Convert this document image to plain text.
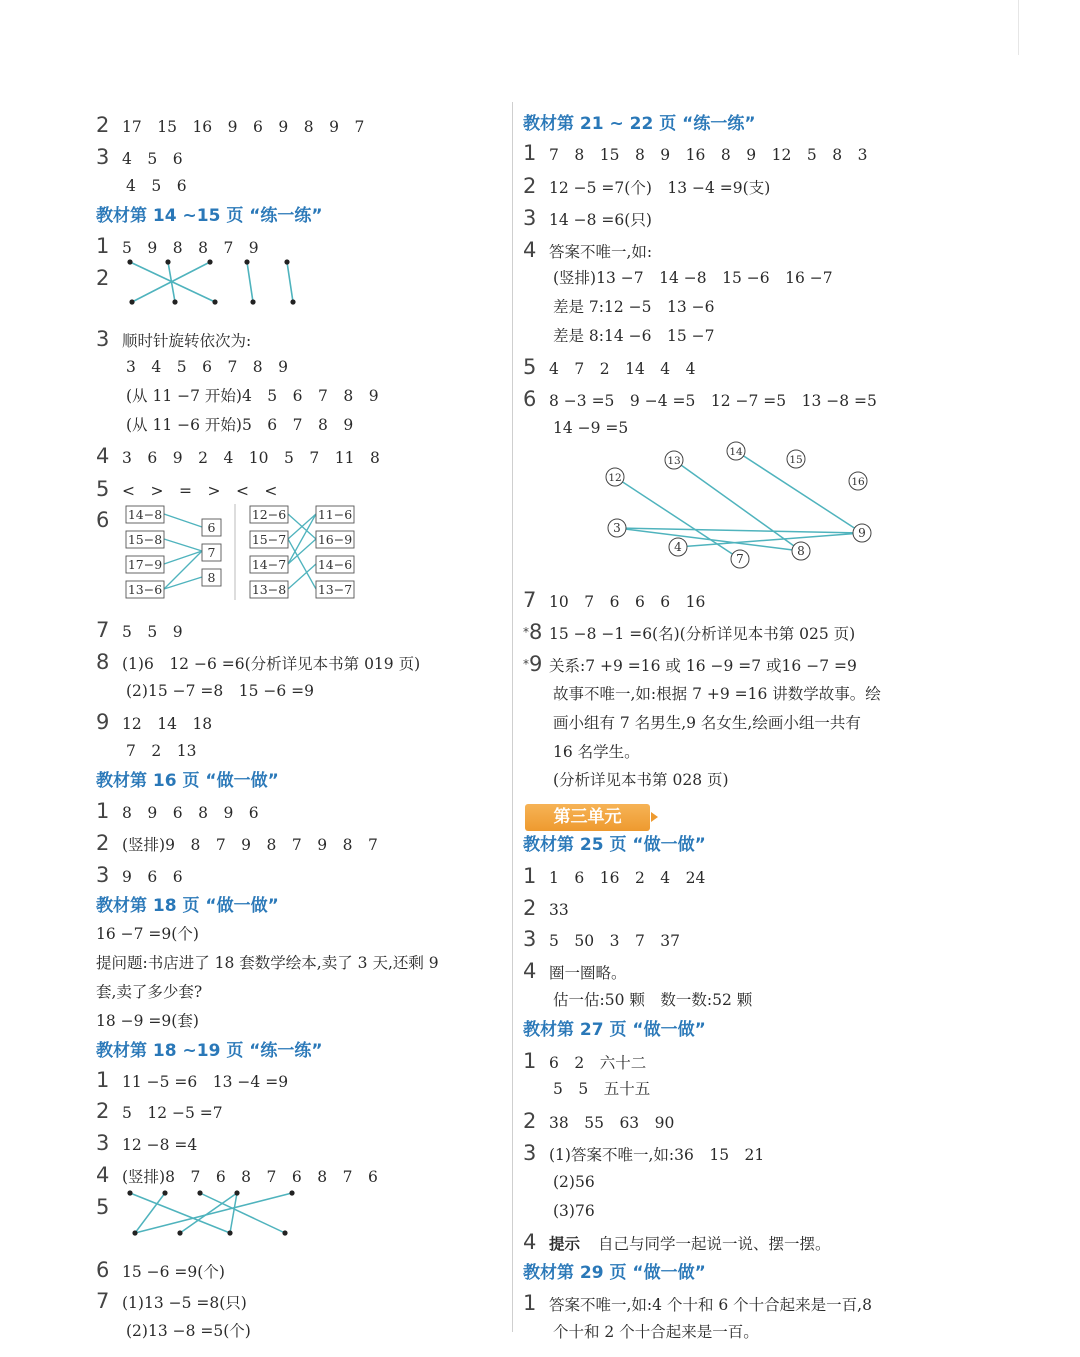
2 17　15　16　9　6　9　8　9　7
3 4　5　6
4　5　6
教材第 14 ~15 页 “练一练”
1 5　9　8　8　7　9
2
3 顺时针旋转依次为:
3　4　5　6　7　8　9
(从 11 −7 开始)4　5　6　7　8　9
(从 11 −6 开始)5　6　7　8　9
4 3　6　9　2　4　10　5　7　11　8
5 <　>　=　>　<　<
6
7 5　5　9
8 (1)6　12 −6 =6(分析详见本书第 019 页)
(2)15 −7 =8　15 −6 =9
9 12　14　18
7　2　13
教材第 16 页 “做一做”
1 8　9　6　8　9　6
2 (竖排)9　8　7　9　8　7　9　8　7
3 9　6　6
教材第 18 页 “做一做”
16 −7 =9(个)
提问题:书店进了 18 套数学绘本,卖了 3 天,还剩 9
套,卖了多少套?
18 −9 =9(套)
教材第 18 ~19 页 “练一练”
1 11 −5 =6　13 −4 =9
2 5　12 −5 =7
3 12 −8 =4
4 (竖排)8　7　6　8　7　6　8　7　6
5
6 15 −6 =9(个)
7 (1)13 −5 =8(只)
(2)13 −8 =5(个)
教材第 21 ~ 22 页 “练一练”
1 7　8　15　8　9　16　8　9　12　5　8　3
2 12 −5 =7(个)　13 −4 =9(支)
3 14 −8 =6(只)
4 答案不唯一,如:
(竖排)13 −7　14 −8　15 −6　16 −7
差是 7:12 −5　13 −6
差是 8:14 −6　15 −7
5 4　7　2　14　4　4
6 8 −3 =5　9 −4 =5　12 −7 =5　13 −8 =5
14 −9 =5
7 10　7　6　6　6　16
*8 15 −8 −1 =6(名)(分析详见本书第 025 页)
*9 关系:7 +9 =16 或 16 −9 =7 或16 −7 =9
故事不唯一,如:根据 7 +9 =16 讲数学故事。绘
画小组有 7 名男生,9 名女生,绘画小组一共有
16 名学生。
(分析详见本书第 028 页)
第三单元
教材第 25 页 “做一做”
1 1　6　16　2　4　24
2 33
3 5　50　3　7　37
4 圈一圈略。
估一估:50 颗　数一数:52 颗
教材第 27 页 “做一做”
1 6　2　六十二
5　5　五十五
2 38　55　63　90
3 (1)答案不唯一,如:36　15　21
(2)56
(3)76
4 提示 自己与同学一起说一说、摆一摆。
教材第 29 页 “做一做”
1 答案不唯一,如:4 个十和 6 个十合起来是一百,8
个十和 2 个十合起来是一百。
14−8
15−8
17−9
13−6
6
7
8
12−6
15−7
14−7
13−8
11−6
16−9
14−6
13−7
12
13
14
15
16
3
4
7
8
9
